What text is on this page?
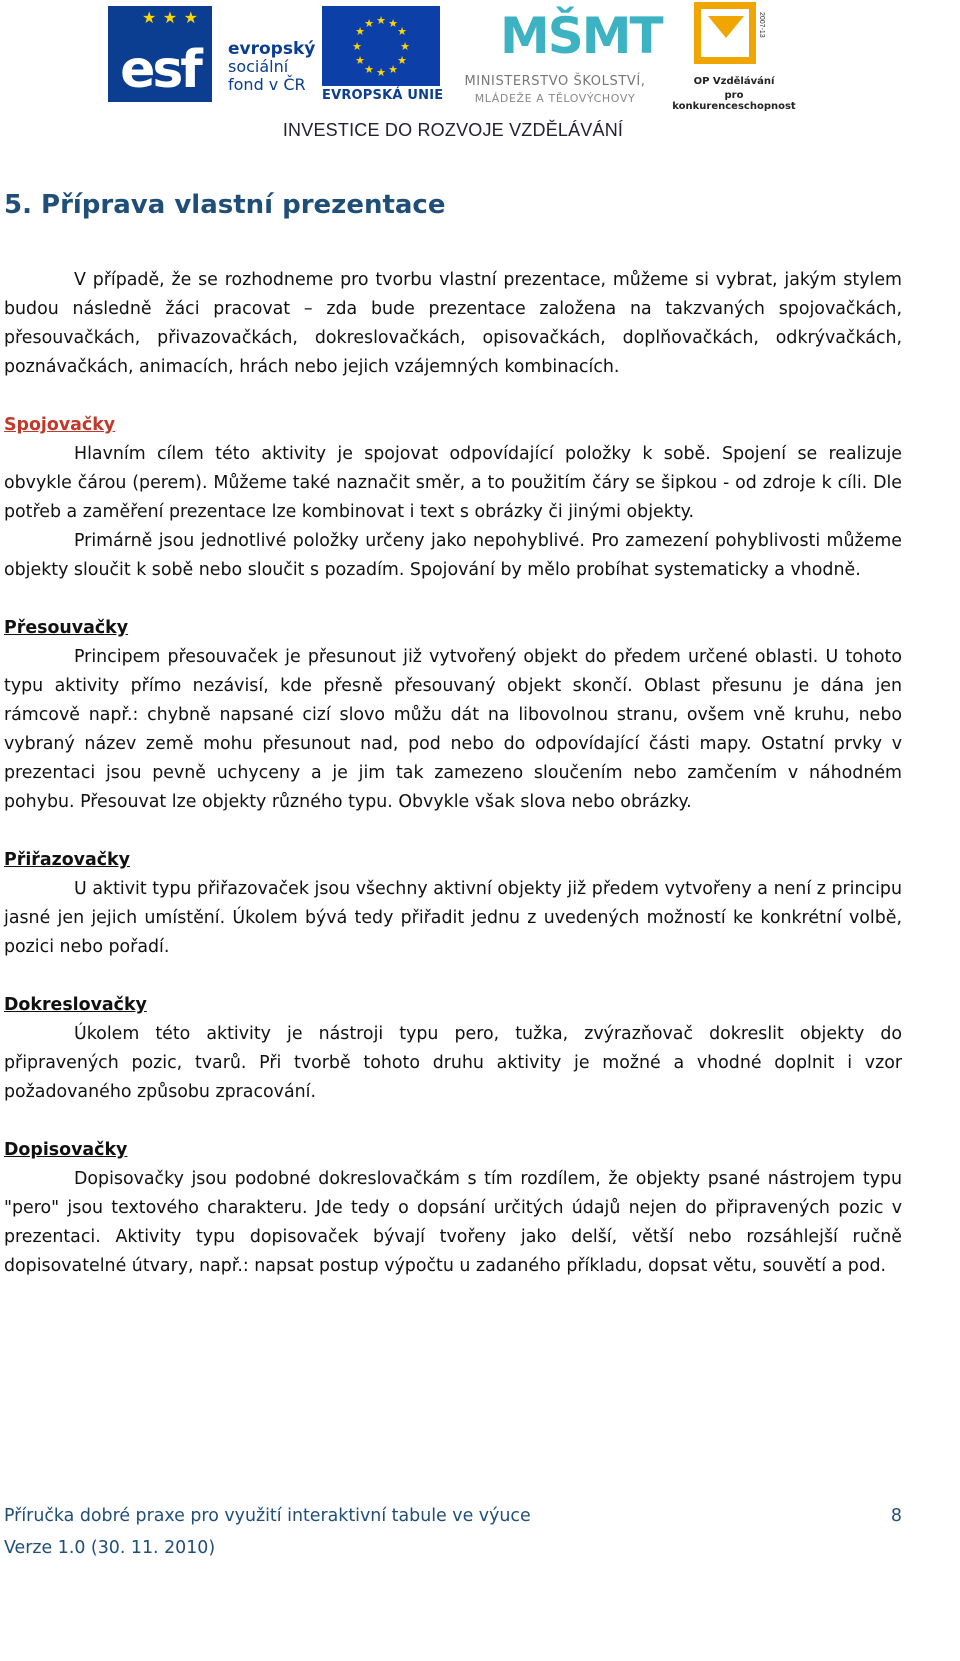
★ ★ ★
esf	evropský
sociální
fond v ČR
★ ★
★
★
★
★
★
★
★
★
★
★
EVROPSKÁ UNIE
MŠMT
MINISTERSTVO ŠKOLSTVÍ,
MLÁDEŽE A TĚLOVÝCHOVY
2007-13
OP Vzdělávání
pro konkurenceschopnost
INVESTICE DO ROZVOJE VZDĚLÁVÁNÍ
5. Příprava vlastní prezentace

V případě, že se rozhodneme pro tvorbu vlastní prezentace, můžeme si vybrat, jakým stylem budou následně žáci pracovat – zda bude prezentace založena na takzvaných spojovačkách, přesouvačkách, přivazovačkách, dokreslovačkách, opisovačkách, doplňovačkách, odkrývačkách, poznávačkách, animacích, hrách nebo jejich vzájemných kombinacích.

Spojovačky

Hlavním cílem této aktivity je spojovat odpovídající položky k sobě. Spojení se realizuje obvykle čárou (perem). Můžeme také naznačit směr, a to použitím čáry se šipkou - od zdroje k cíli. Dle potřeb a zaměření prezentace lze kombinovat i text s obrázky či jinými objekty.

Primárně jsou jednotlivé položky určeny jako nepohyblivé. Pro zamezení pohyblivosti můžeme objekty sloučit k sobě nebo sloučit s pozadím. Spojování by mělo probíhat systematicky a vhodně.

Přesouvačky

Principem přesouvaček je přesunout již vytvořený objekt do předem určené oblasti. U tohoto typu aktivity přímo nezávisí, kde přesně přesouvaný objekt skončí. Oblast přesunu je dána jen rámcově např.: chybně napsané cizí slovo můžu dát na libovolnou stranu, ovšem vně kruhu, nebo vybraný název země mohu přesunout nad, pod nebo do odpovídající části mapy. Ostatní prvky v prezentaci jsou pevně uchyceny a je jim tak zamezeno sloučením nebo zamčením v náhodném pohybu. Přesouvat lze objekty různého typu. Obvykle však slova nebo obrázky.

Přiřazovačky

U aktivit typu přiřazovaček jsou všechny aktivní objekty již předem vytvořeny a není z principu jasné jen jejich umístění. Úkolem bývá tedy přiřadit jednu z uvedených možností ke konkrétní volbě, pozici nebo pořadí.

Dokreslovačky

Úkolem této aktivity je nástroji typu pero, tužka, zvýrazňovač dokreslit objekty do připravených pozic, tvarů. Při tvorbě tohoto druhu aktivity je možné a vhodné doplnit i vzor požadovaného způsobu zpracování.

Dopisovačky

Dopisovačky jsou podobné dokreslovačkám s tím rozdílem, že objekty psané nástrojem typu "pero" jsou textového charakteru. Jde tedy o dopsání určitých údajů nejen do připravených pozic v prezentaci. Aktivity typu dopisovaček bývají tvořeny jako delší, větší nebo rozsáhlejší ručně dopisovatelné útvary, např.: napsat postup výpočtu u zadaného příkladu, dopsat větu, souvětí a pod.

Příručka dobré praxe pro využití interaktivní tabule ve výuce	8
Verze 1.0 (30. 11. 2010)
